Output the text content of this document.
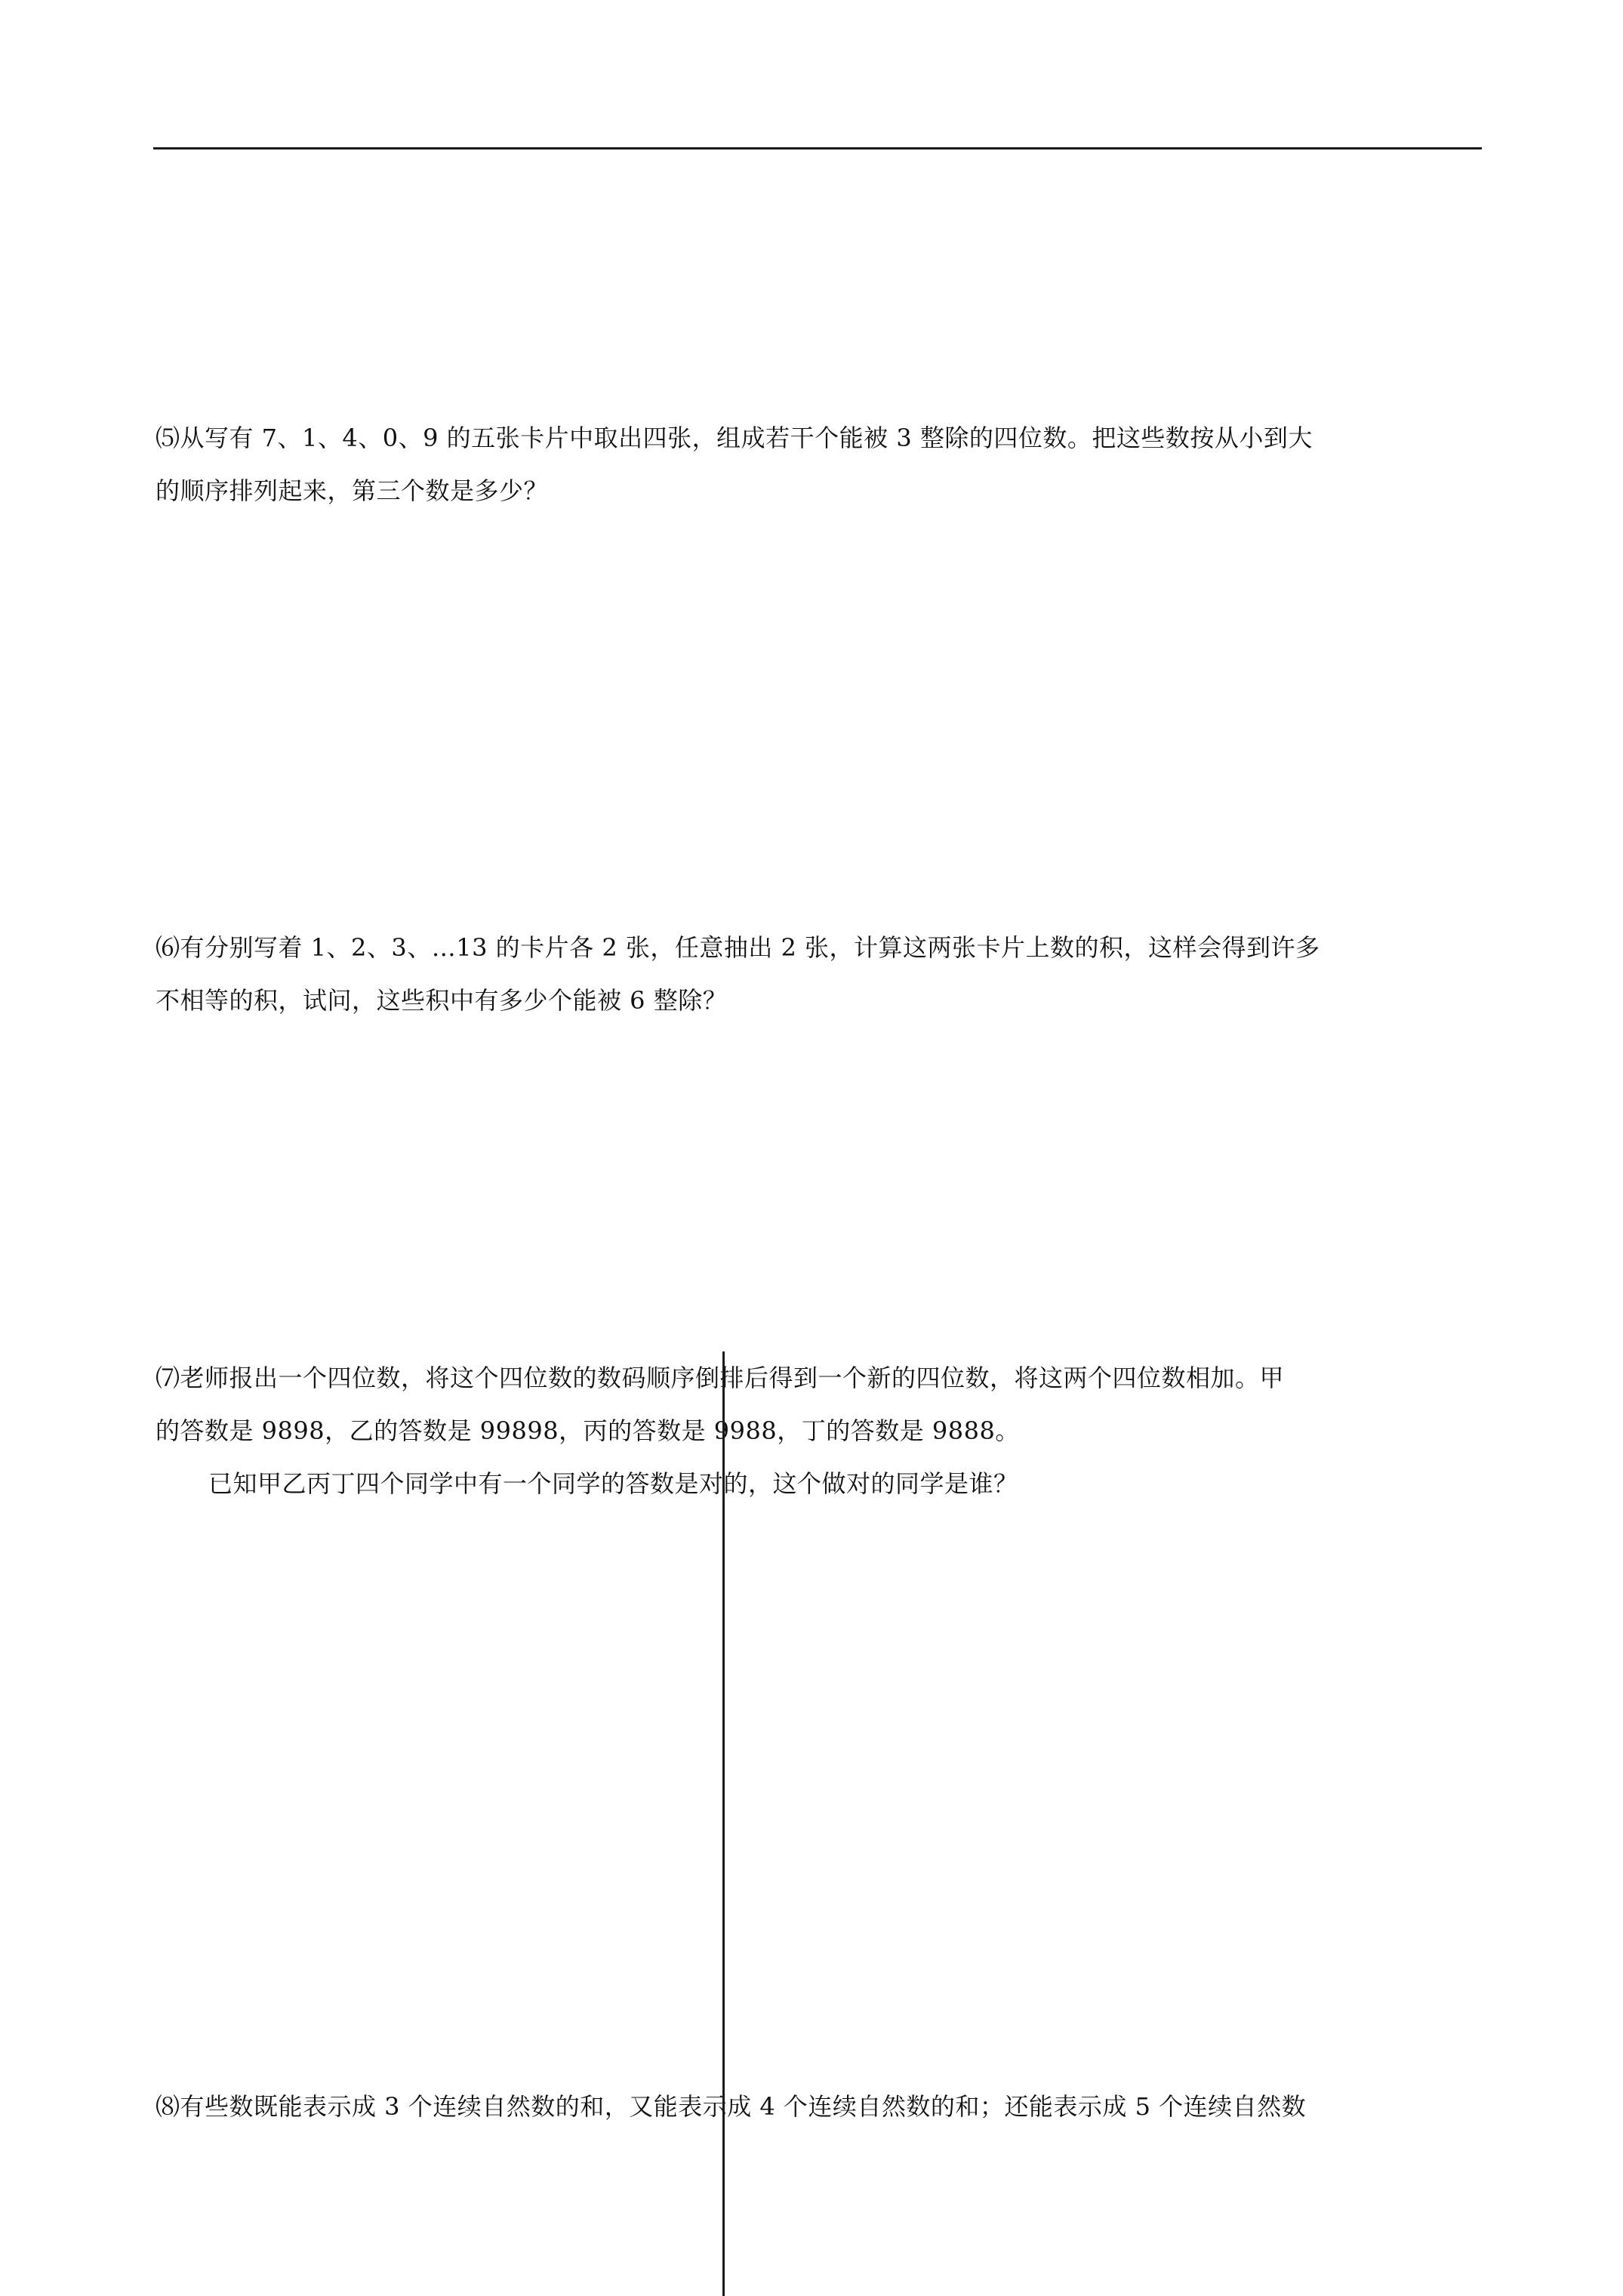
⑸从写有 7、1、4、0、9 的五张卡片中取出四张，组成若干个能被 3 整除的四位数。把这些数按从小到大
的顺序排列起来，第三个数是多少？
⑹有分别写着 1、2、3、…13 的卡片各 2 张，任意抽出 2 张，计算这两张卡片上数的积，这样会得到许多
不相等的积，试问，这些积中有多少个能被 6 整除？
⑺老师报出一个四位数，将这个四位数的数码顺序倒排后得到一个新的四位数，将这两个四位数相加。甲
的答数是 9898，乙的答数是 99898，丙的答数是 9988，丁的答数是 9888。
已知甲乙丙丁四个同学中有一个同学的答数是对的，这个做对的同学是谁？
⑻有些数既能表示成 3 个连续自然数的和，又能表示成 4 个连续自然数的和；还能表示成 5 个连续自然数
